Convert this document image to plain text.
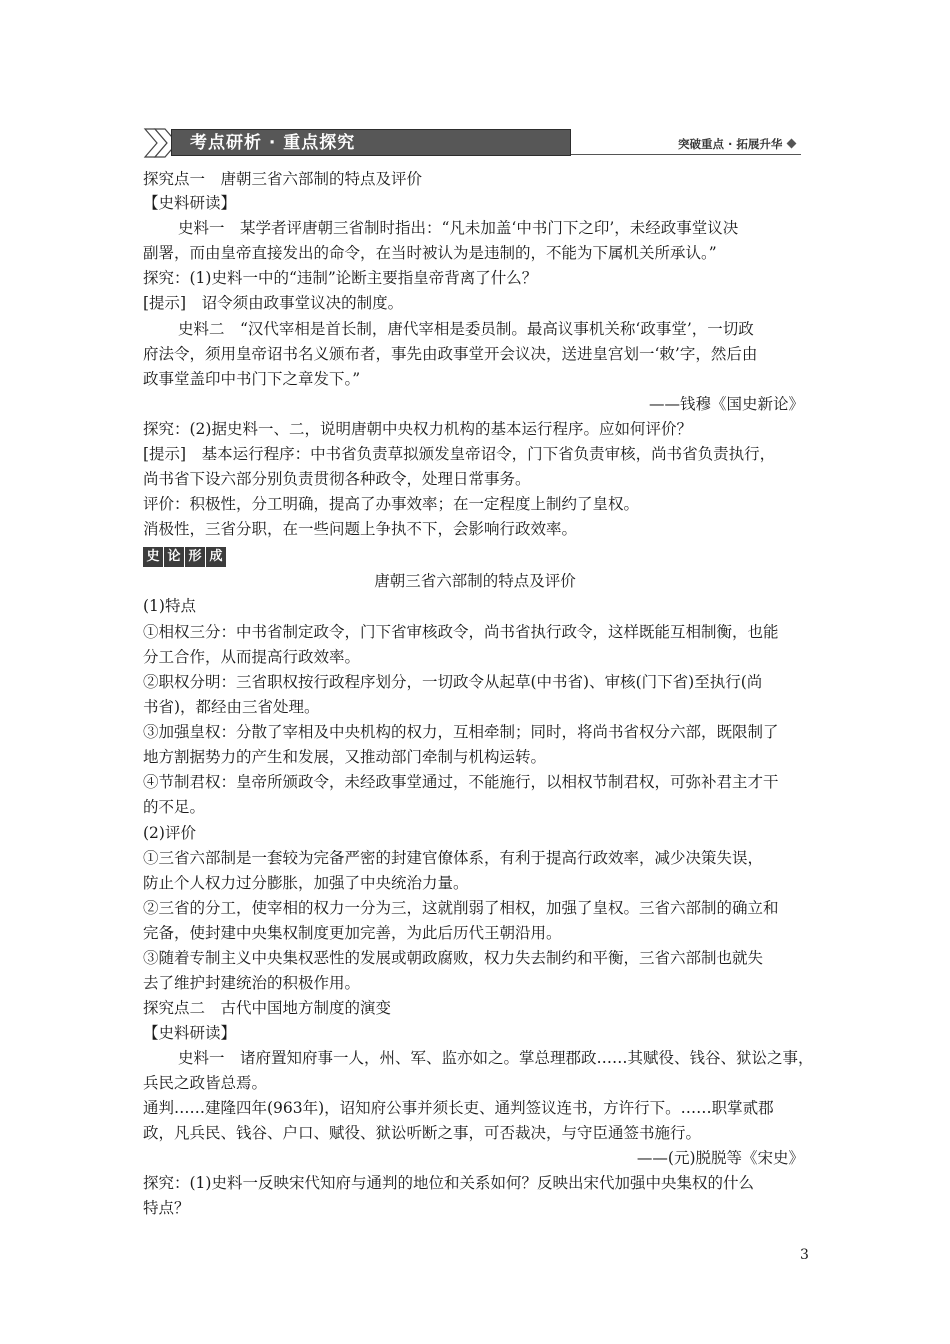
考点研析 · 重点探究	突破重点 · 拓展升华
探究点一　唐朝三省六部制的特点及评价
【史料研读】
史料一　某学者评唐朝三省制时指出：“凡未加盖‘中书门下之印’，未经政事堂议决
副署，而由皇帝直接发出的命令，在当时被认为是违制的，不能为下属机关所承认。”
探究：(1)史料一中的“违制”论断主要指皇帝背离了什么？
[提示]　诏令须由政事堂议决的制度。
史料二　“汉代宰相是首长制，唐代宰相是委员制。最高议事机关称‘政事堂’，一切政
府法令，须用皇帝诏书名义颁布者，事先由政事堂开会议决，送进皇宫划一‘敕’字，然后由
政事堂盖印中书门下之章发下。”
——钱穆《国史新论》
探究：(2)据史料一、二，说明唐朝中央权力机构的基本运行程序。应如何评价？
[提示]　基本运行程序：中书省负责草拟颁发皇帝诏令，门下省负责审核，尚书省负责执行，
尚书省下设六部分别负责贯彻各种政令，处理日常事务。
评价：积极性，分工明确，提高了办事效率；在一定程度上制约了皇权。
消极性，三省分职，在一些问题上争执不下，会影响行政效率。
史 论 形 成
唐朝三省六部制的特点及评价
(1)特点
①相权三分：中书省制定政令，门下省审核政令，尚书省执行政令，这样既能互相制衡，也能
分工合作，从而提高行政效率。
②职权分明：三省职权按行政程序划分，一切政令从起草(中书省)、审核(门下省)至执行(尚
书省)，都经由三省处理。
③加强皇权：分散了宰相及中央机构的权力，互相牵制；同时，将尚书省权分六部，既限制了
地方割据势力的产生和发展，又推动部门牵制与机构运转。
④节制君权：皇帝所颁政令，未经政事堂通过，不能施行，以相权节制君权，可弥补君主才干
的不足。
(2)评价
①三省六部制是一套较为完备严密的封建官僚体系，有利于提高行政效率，减少决策失误，
防止个人权力过分膨胀，加强了中央统治力量。
②三省的分工，使宰相的权力一分为三，这就削弱了相权，加强了皇权。三省六部制的确立和
完备，使封建中央集权制度更加完善，为此后历代王朝沿用。
③随着专制主义中央集权恶性的发展或朝政腐败，权力失去制约和平衡，三省六部制也就失
去了维护封建统治的积极作用。
探究点二　古代中国地方制度的演变
【史料研读】
史料一　诸府置知府事一人，州、军、监亦如之。掌总理郡政……其赋役、钱谷、狱讼之事，
兵民之政皆总焉。
通判……建隆四年(963年)，诏知府公事并须长吏、通判签议连书，方许行下。……职掌贰郡
政，凡兵民、钱谷、户口、赋役、狱讼听断之事，可否裁决，与守臣通签书施行。
——(元)脱脱等《宋史》
探究：(1)史料一反映宋代知府与通判的地位和关系如何？反映出宋代加强中央集权的什么
特点？
3
